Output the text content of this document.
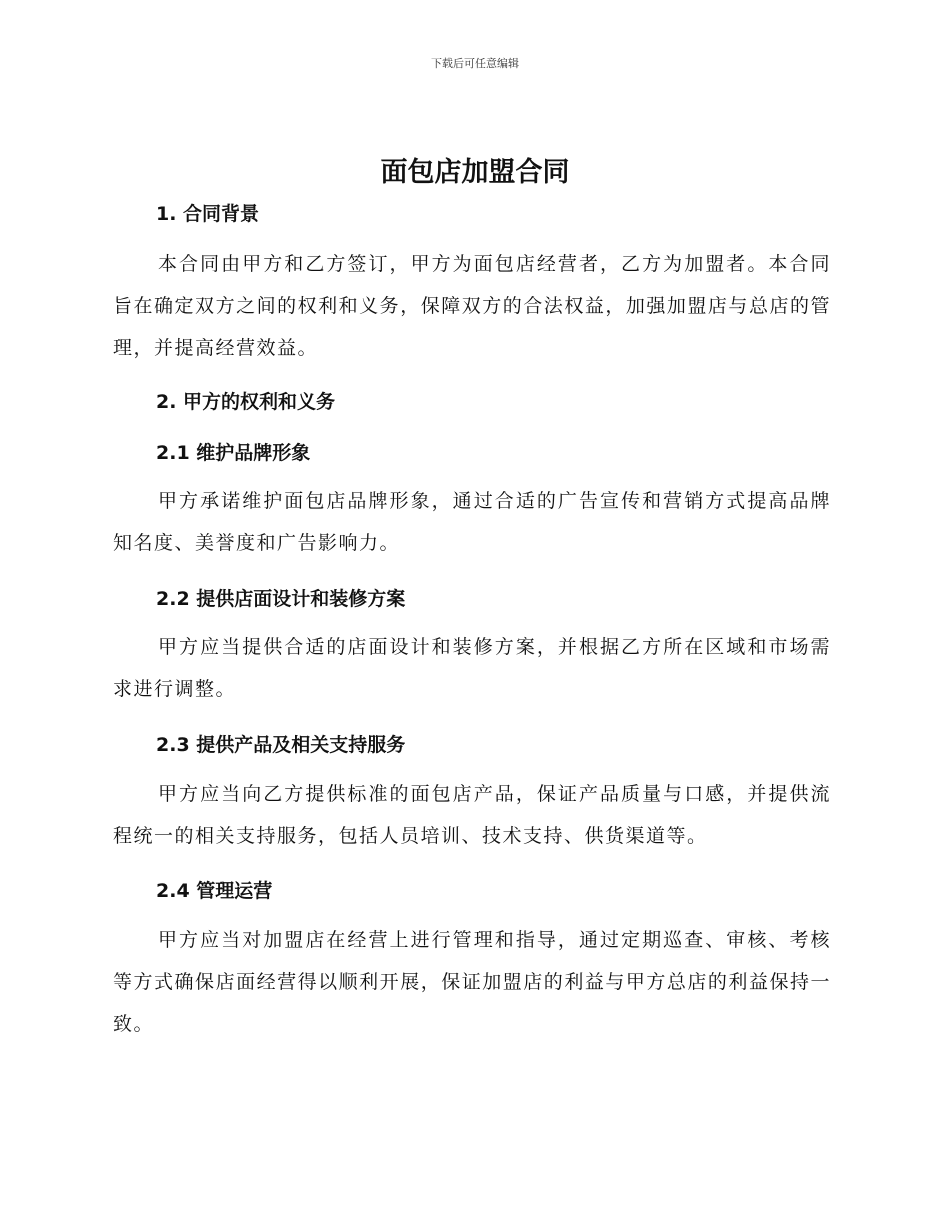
下载后可任意编辑
面包店加盟合同
1. 合同背景

本合同由甲方和乙方签订，甲方为面包店经营者，乙方为加盟者。本合同旨在确定双方之间的权利和义务，保障双方的合法权益，加强加盟店与总店的管理，并提高经营效益。

2. 甲方的权利和义务
2.1 维护品牌形象

甲方承诺维护面包店品牌形象，通过合适的广告宣传和营销方式提高品牌知名度、美誉度和广告影响力。

2.2 提供店面设计和装修方案

甲方应当提供合适的店面设计和装修方案，并根据乙方所在区域和市场需求进行调整。

2.3 提供产品及相关支持服务

甲方应当向乙方提供标准的面包店产品，保证产品质量与口感，并提供流程统一的相关支持服务，包括人员培训、技术支持、供货渠道等。

2.4 管理运营

甲方应当对加盟店在经营上进行管理和指导，通过定期巡查、审核、考核等方式确保店面经营得以顺利开展，保证加盟店的利益与甲方总店的利益保持一致。
